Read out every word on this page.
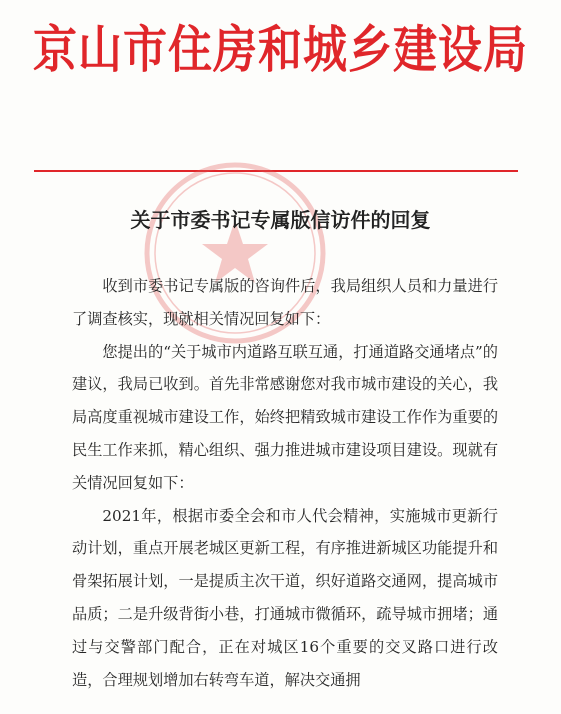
京山市住房和城乡建设局
关于市委书记专属版信访件的回复

收到市委书记专属版的咨询件后，我局组织人员和力量进行了调查核实，现就相关情况回复如下：

您提出的“关于城市内道路互联互通，打通道路交通堵点”的建议，我局已收到。首先非常感谢您对我市城市建设的关心，我局高度重视城市建设工作，始终把精致城市建设工作作为重要的民生工作来抓，精心组织、强力推进城市建设项目建设。现就有关情况回复如下：

2021年，根据市委全会和市人代会精神，实施城市更新行动计划，重点开展老城区更新工程，有序推进新城区功能提升和骨架拓展计划，一是提质主次干道，织好道路交通网，提高城市品质；二是升级背街小巷，打通城市微循环，疏导城市拥堵；通过与交警部门配合，正在对城区16个重要的交叉路口进行改造，合理规划增加右转弯车道，解决交通拥
